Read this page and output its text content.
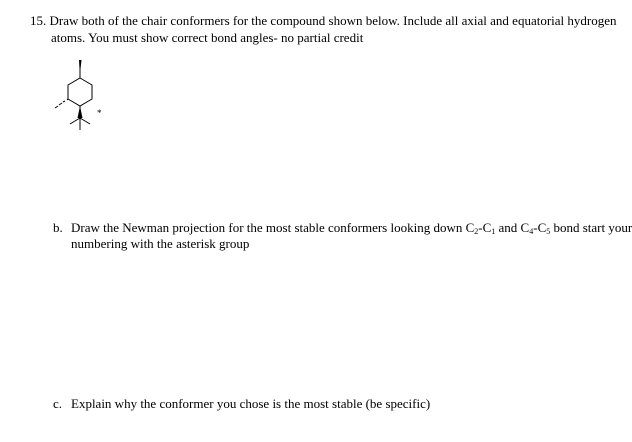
15. Draw both of the chair conformers for the compound shown below. Include all axial and equatorial hydrogen
atoms. You must show correct bond angles- no partial credit
*
b. Draw the Newman projection for the most stable conformers looking down $C_2-C_1$ and $C_4-C_5$ bond start your
numbering with the asterisk group
c. Explain why the conformer you chose is the most stable (be specific)
